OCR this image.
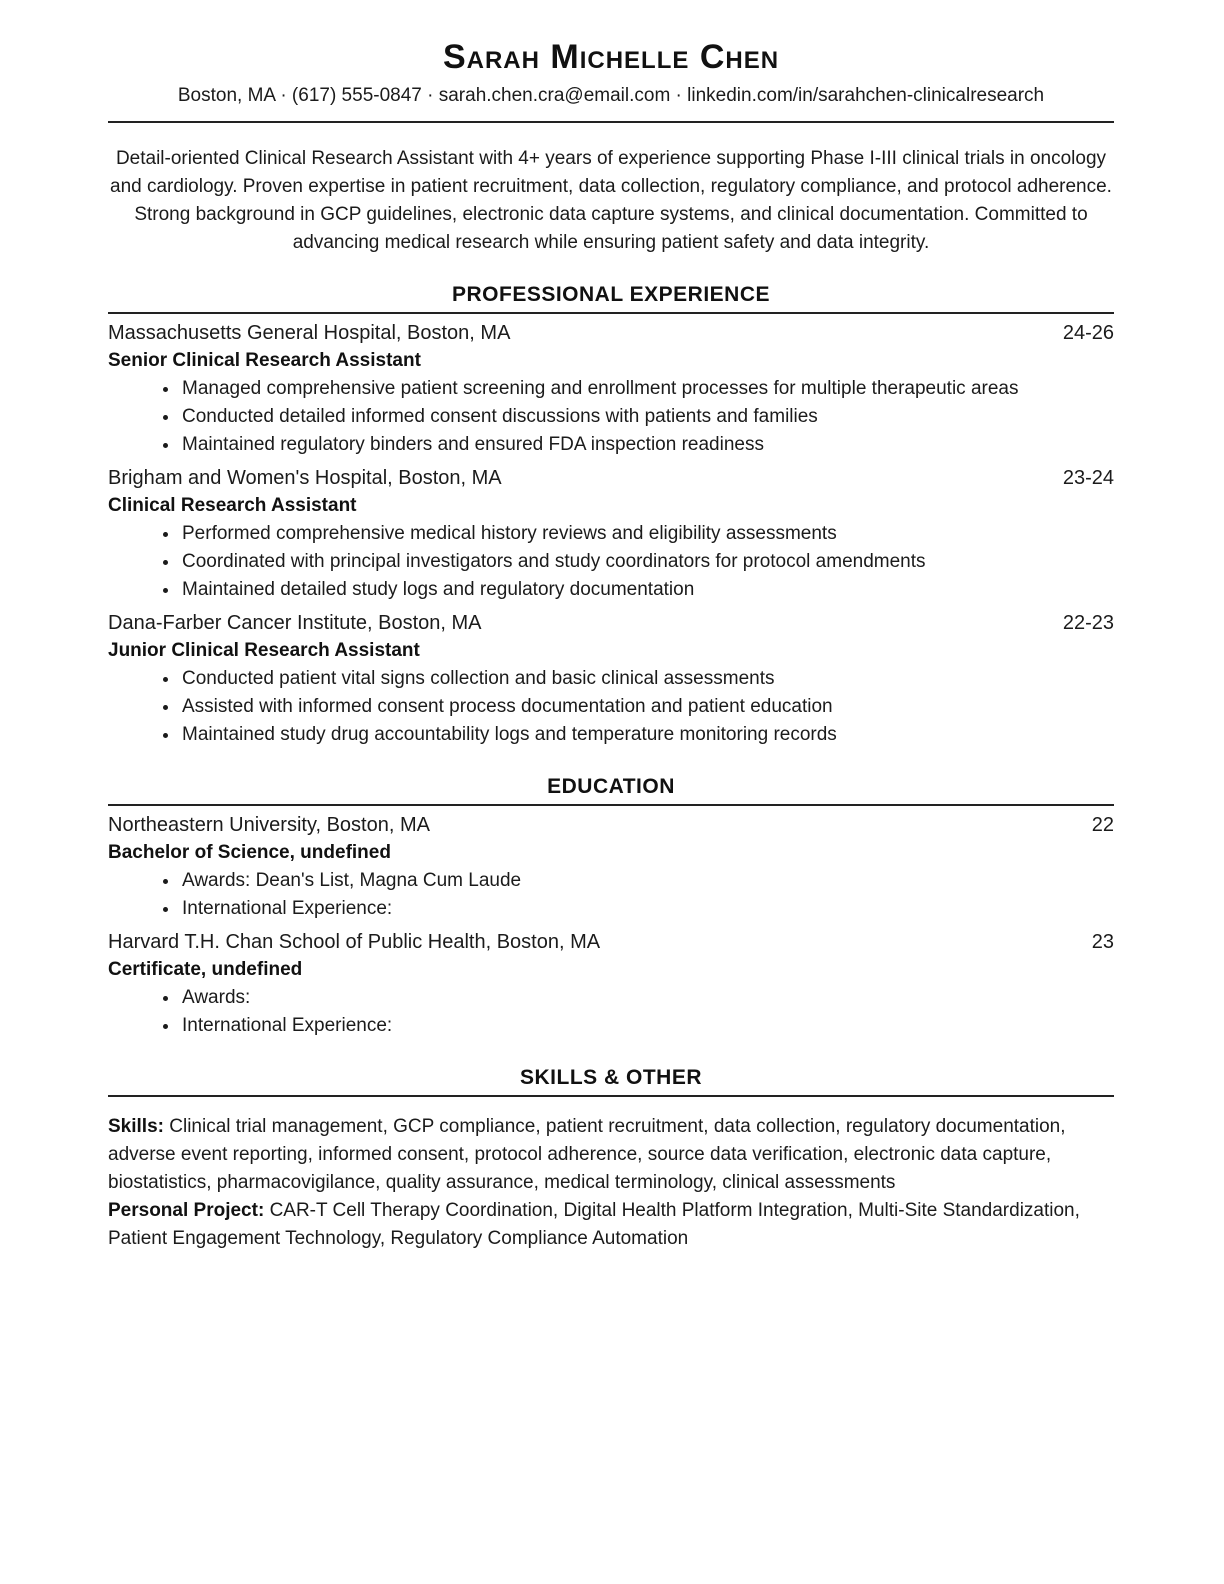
Sarah Michelle Chen
Boston, MA · (617) 555-0847 · sarah.chen.cra@email.com · linkedin.com/in/sarahchen-clinicalresearch

Detail-oriented Clinical Research Assistant with 4+ years of experience supporting Phase I-III clinical trials in oncology and cardiology. Proven expertise in patient recruitment, data collection, regulatory compliance, and protocol adherence. Strong background in GCP guidelines, electronic data capture systems, and clinical documentation. Committed to advancing medical research while ensuring patient safety and data integrity.

PROFESSIONAL EXPERIENCE
Massachusetts General Hospital, Boston, MA	24-26
Senior Clinical Research Assistant
• Managed comprehensive patient screening and enrollment processes for multiple therapeutic areas
• Conducted detailed informed consent discussions with patients and families
• Maintained regulatory binders and ensured FDA inspection readiness
Brigham and Women's Hospital, Boston, MA	23-24
Clinical Research Assistant
• Performed comprehensive medical history reviews and eligibility assessments
• Coordinated with principal investigators and study coordinators for protocol amendments
• Maintained detailed study logs and regulatory documentation
Dana-Farber Cancer Institute, Boston, MA	22-23
Junior Clinical Research Assistant
• Conducted patient vital signs collection and basic clinical assessments
• Assisted with informed consent process documentation and patient education
• Maintained study drug accountability logs and temperature monitoring records
EDUCATION
Northeastern University, Boston, MA	22
Bachelor of Science, undefined
• Awards: Dean's List, Magna Cum Laude
• International Experience:
Harvard T.H. Chan School of Public Health, Boston, MA	23
Certificate, undefined
• Awards:
• International Experience:
SKILLS & OTHER

Skills: Clinical trial management, GCP compliance, patient recruitment, data collection, regulatory documentation, adverse event reporting, informed consent, protocol adherence, source data verification, electronic data capture, biostatistics, pharmacovigilance, quality assurance, medical terminology, clinical assessments

Personal Project: CAR-T Cell Therapy Coordination, Digital Health Platform Integration, Multi-Site Standardization, Patient Engagement Technology, Regulatory Compliance Automation
